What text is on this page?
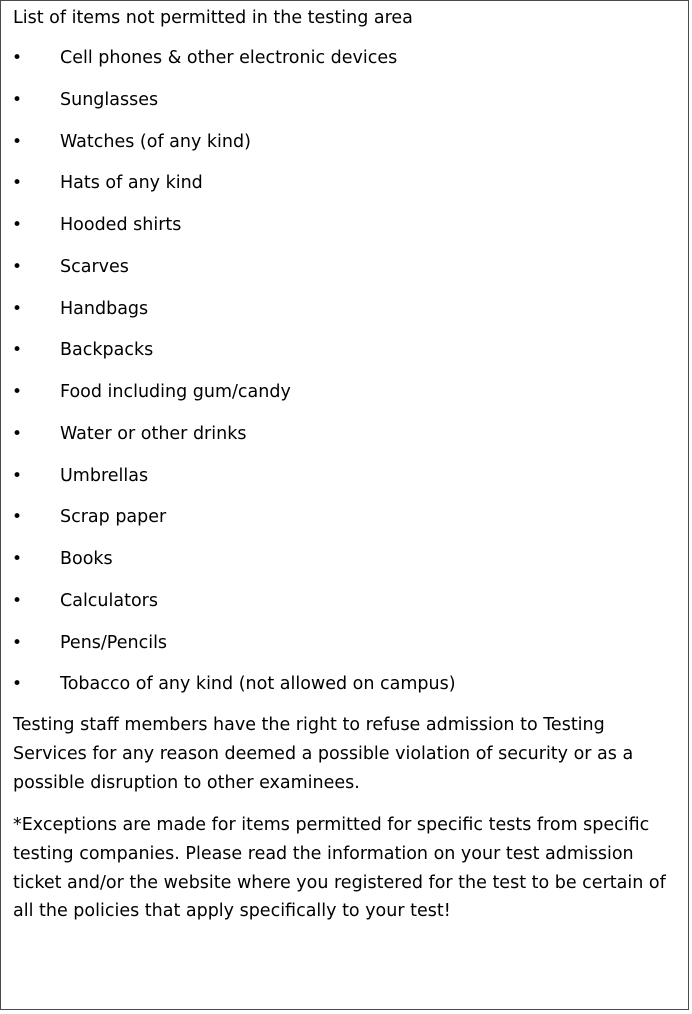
List of items not permitted in the testing area
• Cell phones & other electronic devices
• Sunglasses
• Watches (of any kind)
• Hats of any kind
• Hooded shirts
• Scarves
• Handbags
• Backpacks
• Food including gum/candy
• Water or other drinks
• Umbrellas
• Scrap paper
• Books
• Calculators
• Pens/Pencils
• Tobacco of any kind (not allowed on campus)

Testing staff members have the right to refuse admission to Testing Services for any reason deemed a possible violation of security or as a possible disruption to other examinees.

*Exceptions are made for items permitted for specific tests from specific testing companies. Please read the information on your test admission ticket and/or the website where you registered for the test to be certain of all the policies that apply specifically to your test!
